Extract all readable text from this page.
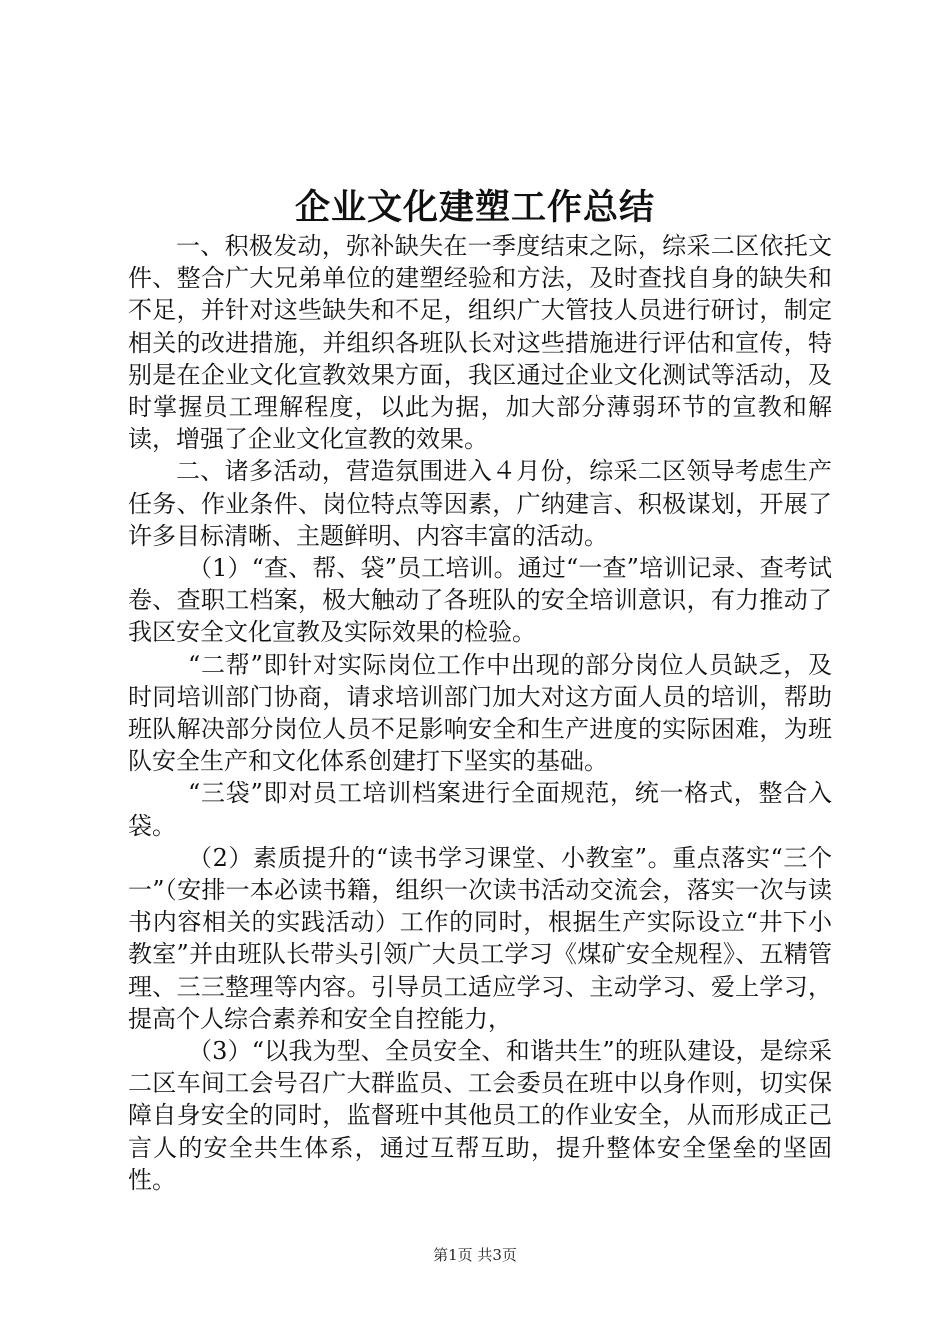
企业文化建塑工作总结

一、积极发动，弥补缺失在一季度结束之际，综采二区依托文件、整合广大兄弟单位的建塑经验和方法，及时查找自身的缺失和不足，并针对这些缺失和不足，组织广大管技人员进行研讨，制定相关的改进措施，并组织各班队长对这些措施进行评估和宣传，特别是在企业文化宣教效果方面，我区通过企业文化测试等活动，及时掌握员工理解程度，以此为据，加大部分薄弱环节的宣教和解读，增强了企业文化宣教的效果。

二、诸多活动，营造氛围进入４月份，综采二区领导考虑生产任务、作业条件、岗位特点等因素，广纳建言、积极谋划，开展了许多目标清晰、主题鲜明、内容丰富的活动。

（1）“查、帮、袋”员工培训。通过“一查”培训记录、查考试卷、查职工档案，极大触动了各班队的安全培训意识，有力推动了我区安全文化宣教及实际效果的检验。

“二帮”即针对实际岗位工作中出现的部分岗位人员缺乏，及时同培训部门协商，请求培训部门加大对这方面人员的培训，帮助班队解决部分岗位人员不足影响安全和生产进度的实际困难，为班队安全生产和文化体系创建打下坚实的基础。

“三袋”即对员工培训档案进行全面规范，统一格式，整合入袋。

（2）素质提升的“读书学习课堂、小教室”。重点落实“三个一”（安排一本必读书籍，组织一次读书活动交流会，落实一次与读书内容相关的实践活动）工作的同时，根据生产实际设立“井下小教室”并由班队长带头引领广大员工学习《煤矿安全规程》、五精管理、三三整理等内容。引导员工适应学习、主动学习、爱上学习，提高个人综合素养和安全自控能力，

（3）“以我为型、全员安全、和谐共生”的班队建设，是综采二区车间工会号召广大群监员、工会委员在班中以身作则，切实保障自身安全的同时，监督班中其他员工的作业安全，从而形成正己言人的安全共生体系，通过互帮互助，提升整体安全堡垒的坚固性。

第1页 共3页
